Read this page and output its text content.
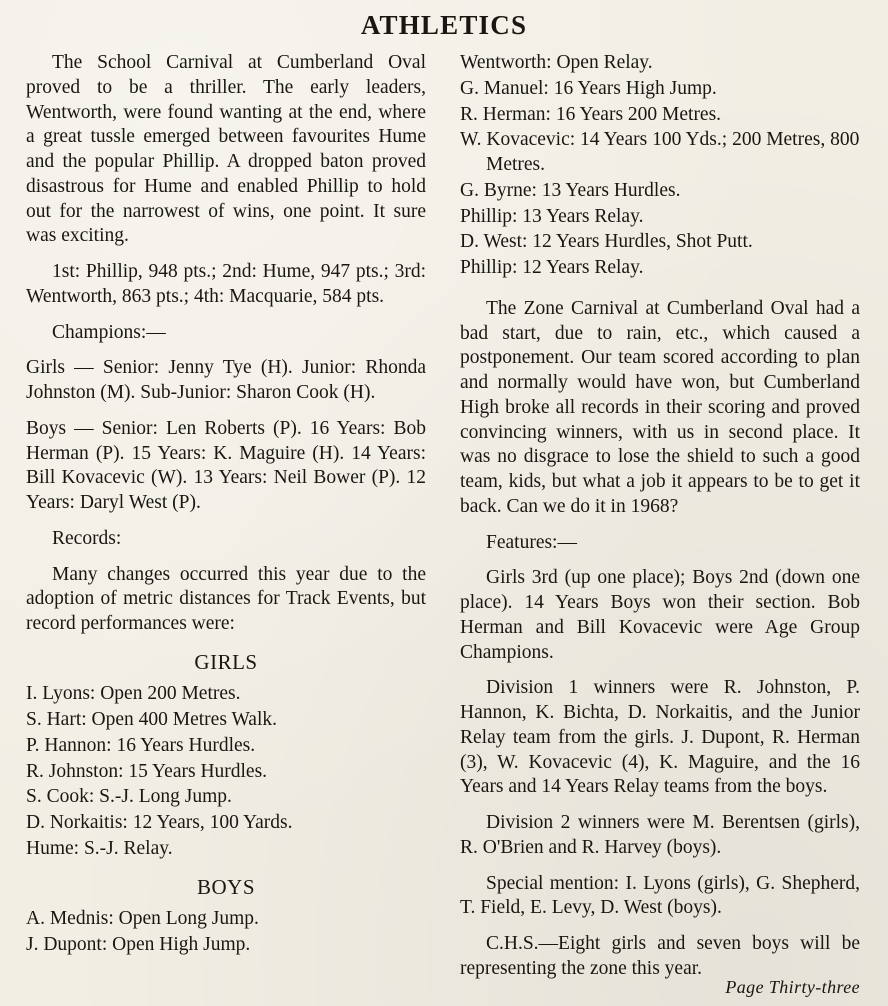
ATHLETICS

The School Carnival at Cumberland Oval proved to be a thriller. The early leaders, Wentworth, were found wanting at the end, where a great tussle emerged between favourites Hume and the popular Phillip. A dropped baton proved disastrous for Hume and enabled Phillip to hold out for the narrowest of wins, one point. It sure was exciting.

1st: Phillip, 948 pts.; 2nd: Hume, 947 pts.; 3rd: Wentworth, 863 pts.; 4th: Macquarie, 584 pts.

Champions:—

Girls — Senior: Jenny Tye (H). Junior: Rhonda Johnston (M). Sub-Junior: Sharon Cook (H).

Boys — Senior: Len Roberts (P). 16 Years: Bob Herman (P). 15 Years: K. Maguire (H). 14 Years: Bill Kovacevic (W). 13 Years: Neil Bower (P). 12 Years: Daryl West (P).

Records:

Many changes occurred this year due to the adoption of metric distances for Track Events, but record performances were:

GIRLS
I. Lyons: Open 200 Metres.
S. Hart: Open 400 Metres Walk.
P. Hannon: 16 Years Hurdles.
R. Johnston: 15 Years Hurdles.
S. Cook: S.-J. Long Jump.
D. Norkaitis: 12 Years, 100 Yards.
Hume: S.-J. Relay.
BOYS
A. Mednis: Open Long Jump.
J. Dupont: Open High Jump.
Wentworth: Open Relay.
G. Manuel: 16 Years High Jump.
R. Herman: 16 Years 200 Metres.
W. Kovacevic: 14 Years 100 Yds.; 200 Metres, 800 Metres.
G. Byrne: 13 Years Hurdles.
Phillip: 13 Years Relay.
D. West: 12 Years Hurdles, Shot Putt.
Phillip: 12 Years Relay.

The Zone Carnival at Cumberland Oval had a bad start, due to rain, etc., which caused a postponement. Our team scored according to plan and normally would have won, but Cumberland High broke all records in their scoring and proved convincing winners, with us in second place. It was no disgrace to lose the shield to such a good team, kids, but what a job it appears to be to get it back. Can we do it in 1968?

Features:—

Girls 3rd (up one place); Boys 2nd (down one place). 14 Years Boys won their section. Bob Herman and Bill Kovacevic were Age Group Champions.

Division 1 winners were R. Johnston, P. Hannon, K. Bichta, D. Norkaitis, and the Junior Relay team from the girls. J. Dupont, R. Herman (3), W. Kovacevic (4), K. Maguire, and the 16 Years and 14 Years Relay teams from the boys.

Division 2 winners were M. Berentsen (girls), R. O'Brien and R. Harvey (boys).

Special mention: I. Lyons (girls), G. Shepherd, T. Field, E. Levy, D. West (boys).

C.H.S.—Eight girls and seven boys will be representing the zone this year.

Page Thirty-three
